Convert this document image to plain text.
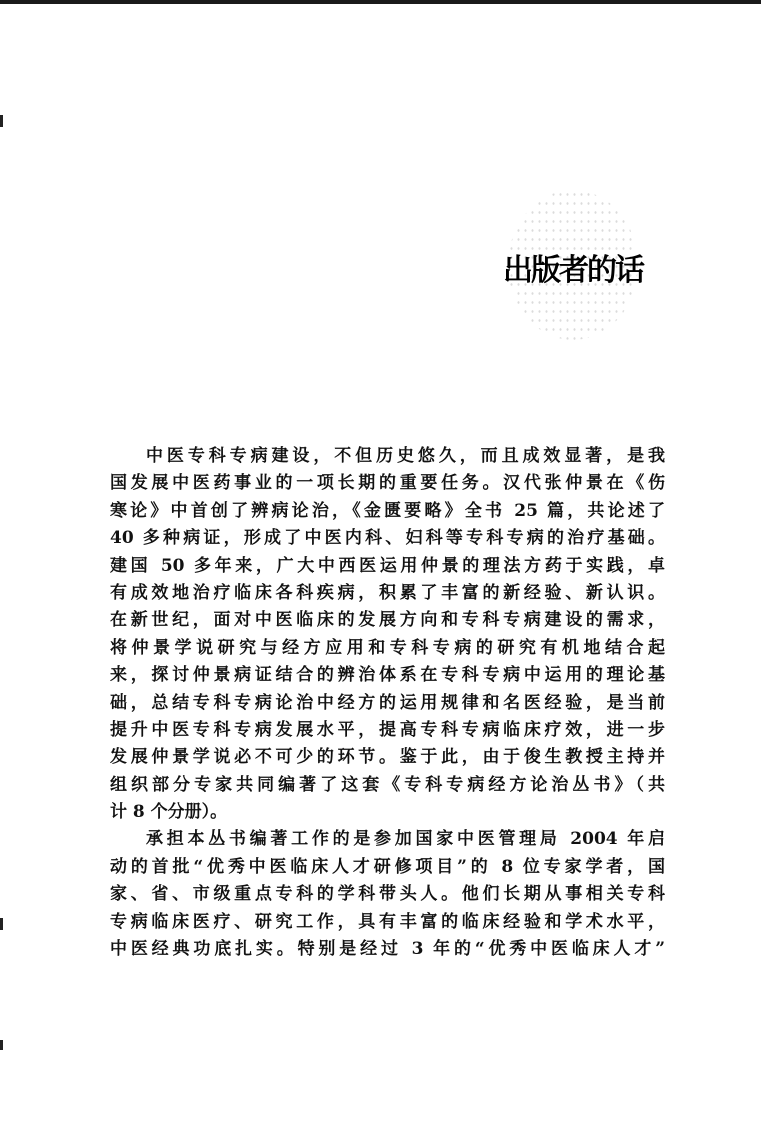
出版者的话
中医专科专病建设，不但历史悠久，而且成效显著，是我
国发展中医药事业的一项长期的重要任务。汉代张仲景在《伤
寒论》中首创了辨病论治，《金匮要略》全书 25 篇，共论述了
40 多种病证，形成了中医内科、妇科等专科专病的治疗基础。
建国 50 多年来，广大中西医运用仲景的理法方药于实践，卓
有成效地治疗临床各科疾病，积累了丰富的新经验、新认识。
在新世纪，面对中医临床的发展方向和专科专病建设的需求，
将仲景学说研究与经方应用和专科专病的研究有机地结合起
来，探讨仲景病证结合的辨治体系在专科专病中运用的理论基
础，总结专科专病论治中经方的运用规律和名医经验，是当前
提升中医专科专病发展水平，提高专科专病临床疗效，进一步
发展仲景学说必不可少的环节。鉴于此，由于俊生教授主持并
组织部分专家共同编著了这套《专科专病经方论治丛书》（共
计 8 个分册）。
承担本丛书编著工作的是参加国家中医管理局 2004 年启
动的首批“优秀中医临床人才研修项目”的 8 位专家学者，国
家、省、市级重点专科的学科带头人。他们长期从事相关专科
专病临床医疗、研究工作，具有丰富的临床经验和学术水平，
中医经典功底扎实。特别是经过 3 年的“优秀中医临床人才”
